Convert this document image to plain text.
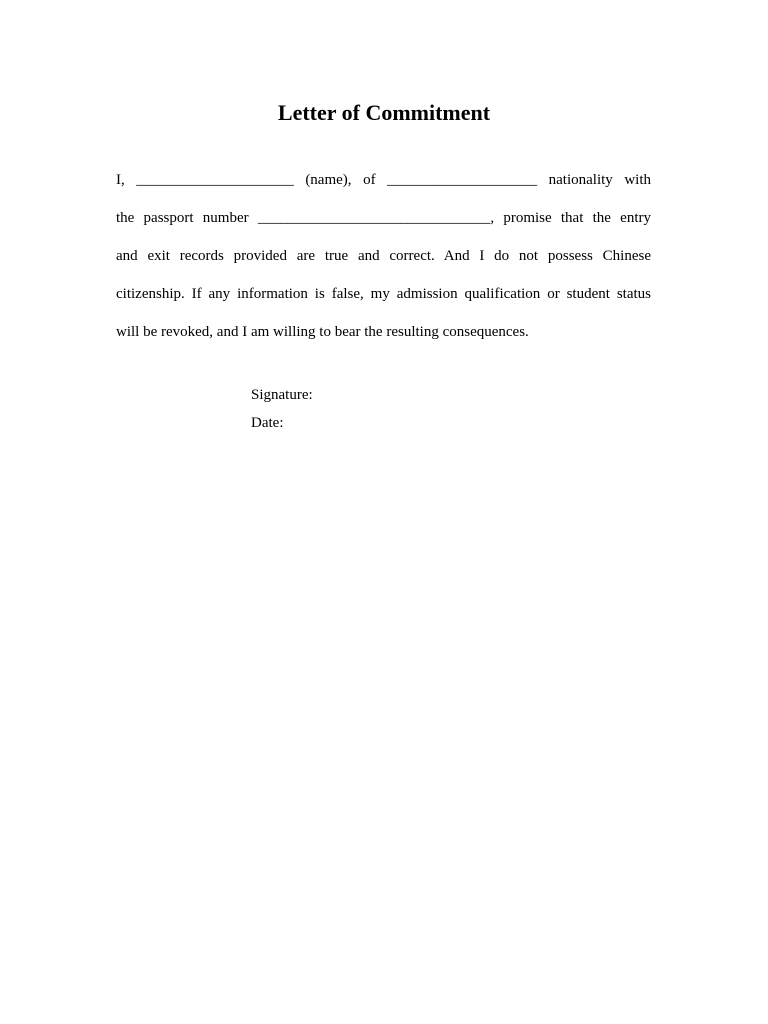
Letter of Commitment

I, _____________________ (name), of ____________________ nationality with

the passport number _______________________________, promise that the entry

and exit records provided are true and correct. And I do not possess Chinese

citizenship. If any information is false, my admission qualification or student status

will be revoked, and I am willing to bear the resulting consequences.

Signature:

Date:
